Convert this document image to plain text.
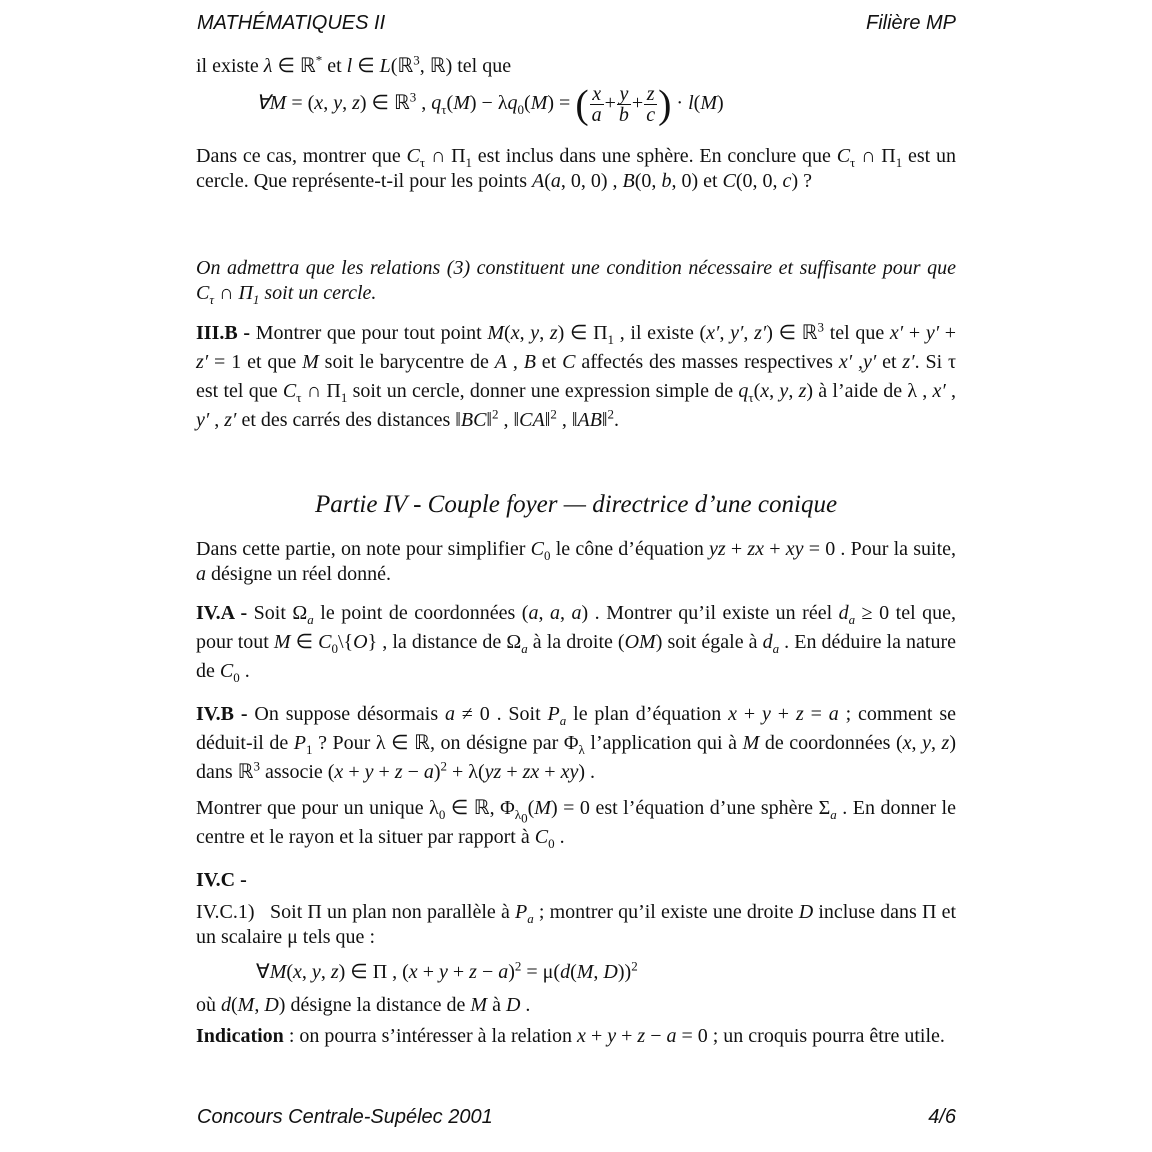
MATHÉMATIQUES II	Filière MP
il existe λ ∈ ℝ* et l ∈ L(ℝ$^3$, ℝ) tel que
∀M = (x, y, z) ∈ ℝ$^3$ , $q_\tau(M) - \lambda q_0(M)$ = ( $\frac{x}{a} + \frac{y}{b} + \frac{z}{c}$ ) · l(M)
Dans ce cas, montrer que $C_\tau$ ∩ $\Pi_1$ est inclus dans une sphère. En conclure que $C_\tau$ ∩ $\Pi_1$ est un cercle. Que représente-t-il pour les points A(a, 0, 0) , B(0, b, 0) et C(0, 0, c) ?
On admettra que les relations (3) constituent une condition nécessaire et suffisante pour que $C_\tau$ ∩ $\Pi_1$ soit un cercle.
III.B - Montrer que pour tout point M(x, y, z) ∈ $\Pi_1$ , il existe (x′, y′, z′) ∈ ℝ$^3$ tel que x′ + y′ + z′ = 1 et que M soit le barycentre de A , B et C affectés des masses respectives x′ ,y′ et z′. Si τ est tel que $C_\tau$ ∩ $\Pi_1$ soit un cercle, donner une expression simple de $q_\tau(x$, y, z) à l’aide de λ , x′ , y′ , z′ et des carrés des distances ‖BC‖$^2$ , ‖CA‖$^2$ , ‖AB‖$^2$.
Partie IV - Couple foyer — directrice d’une conique
Dans cette partie, on note pour simplifier $C_0$ le cône d’équation yz + zx + xy = 0 . Pour la suite, a désigne un réel donné.
IV.A - Soit $\Omega_a$ le point de coordonnées (a, a, a) . Montrer qu’il existe un réel $d_a \ge 0$ tel que, pour tout M ∈ $C_0\backslash\{O\}$ , la distance de $\Omega_a$ à la droite (OM) soit égale à $d_a$ . En déduire la nature de $C_0$ .
IV.B - On suppose désormais a ≠ 0 . Soit $P_a$ le plan d’équation x + y + z = a ; comment se déduit-il de $P_1$ ? Pour λ ∈ ℝ, on désigne par $\Phi_\lambda$ l’application qui à M de coordonnées (x, y, z) dans ℝ$^3$ associe $(x + y + z - a)^2 + \lambda(yz$ + zx + xy) .
Montrer que pour un unique $\lambda_0$ ∈ ℝ, $\Phi_{\lambda_0}(M) = 0$ est l’équation d’une sphère $\Sigma_a$ . En donner le centre et le rayon et la situer par rapport à $C_0$ .
IV.C -
IV.C.1)   Soit Π un plan non parallèle à $P_a$ ; montrer qu’il existe une droite D incluse dans Π et un scalaire μ tels que :
∀M(x, y, z) ∈ Π , $(x + y + z - a)^2 = \mu(d(M$, D))$^2$
où d(M, D) désigne la distance de M à D .
Indication : on pourra s’intéresser à la relation x + y + z − a = 0 ; un croquis pourra être utile.
Concours Centrale-Supélec 2001	4/6
